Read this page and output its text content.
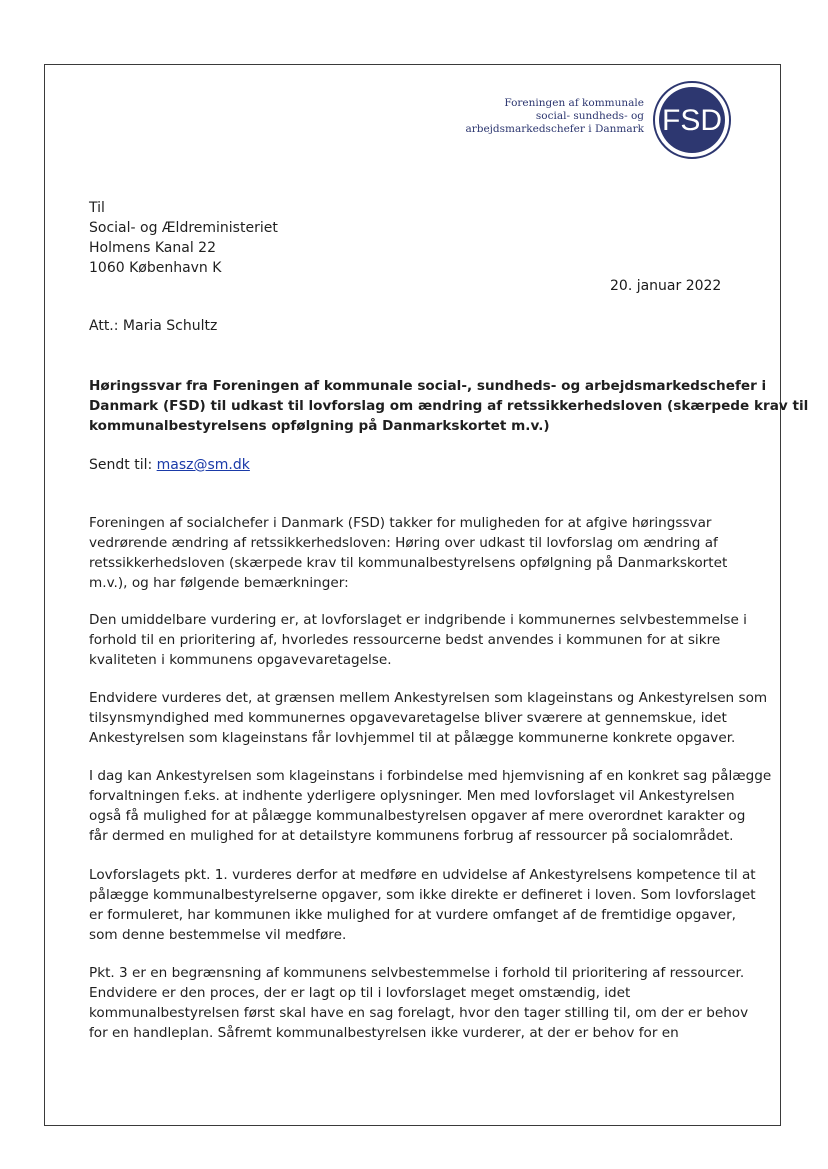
Foreningen af kommunale
social- sundheds- og
arbejdsmarkedschefer i Danmark FSD
Til
Social- og Ældreministeriet
Holmens Kanal 22
1060 København K
20. januar 2022
Att.: Maria Schultz
Høringssvar fra Foreningen af kommunale social-, sundheds- og arbejdsmarkedschefer i
Danmark (FSD) til udkast til lovforslag om ændring af retssikkerhedsloven (skærpede krav til
kommunalbestyrelsens opfølgning på Danmarkskortet m.v.)
Sendt til: masz@sm.dk
Foreningen af socialchefer i Danmark (FSD) takker for muligheden for at afgive høringssvar
vedrørende ændring af retssikkerhedsloven: Høring over udkast til lovforslag om ændring af
retssikkerhedsloven (skærpede krav til kommunalbestyrelsens opfølgning på Danmarkskortet
m.v.), og har følgende bemærkninger:
Den umiddelbare vurdering er, at lovforslaget er indgribende i kommunernes selvbestemmelse i
forhold til en prioritering af, hvorledes ressourcerne bedst anvendes i kommunen for at sikre
kvaliteten i kommunens opgavevaretagelse.
Endvidere vurderes det, at grænsen mellem Ankestyrelsen som klageinstans og Ankestyrelsen som
tilsynsmyndighed med kommunernes opgavevaretagelse bliver sværere at gennemskue, idet
Ankestyrelsen som klageinstans får lovhjemmel til at pålægge kommunerne konkrete opgaver.
I dag kan Ankestyrelsen som klageinstans i forbindelse med hjemvisning af en konkret sag pålægge
forvaltningen f.eks. at indhente yderligere oplysninger. Men med lovforslaget vil Ankestyrelsen
også få mulighed for at pålægge kommunalbestyrelsen opgaver af mere overordnet karakter og
får dermed en mulighed for at detailstyre kommunens forbrug af ressourcer på socialområdet.
Lovforslagets pkt. 1. vurderes derfor at medføre en udvidelse af Ankestyrelsens kompetence til at
pålægge kommunalbestyrelserne opgaver, som ikke direkte er defineret i loven. Som lovforslaget
er formuleret, har kommunen ikke mulighed for at vurdere omfanget af de fremtidige opgaver,
som denne bestemmelse vil medføre.
Pkt. 3 er en begrænsning af kommunens selvbestemmelse i forhold til prioritering af ressourcer.
Endvidere er den proces, der er lagt op til i lovforslaget meget omstændig, idet
kommunalbestyrelsen først skal have en sag forelagt, hvor den tager stilling til, om der er behov
for en handleplan. Såfremt kommunalbestyrelsen ikke vurderer, at der er behov for en
